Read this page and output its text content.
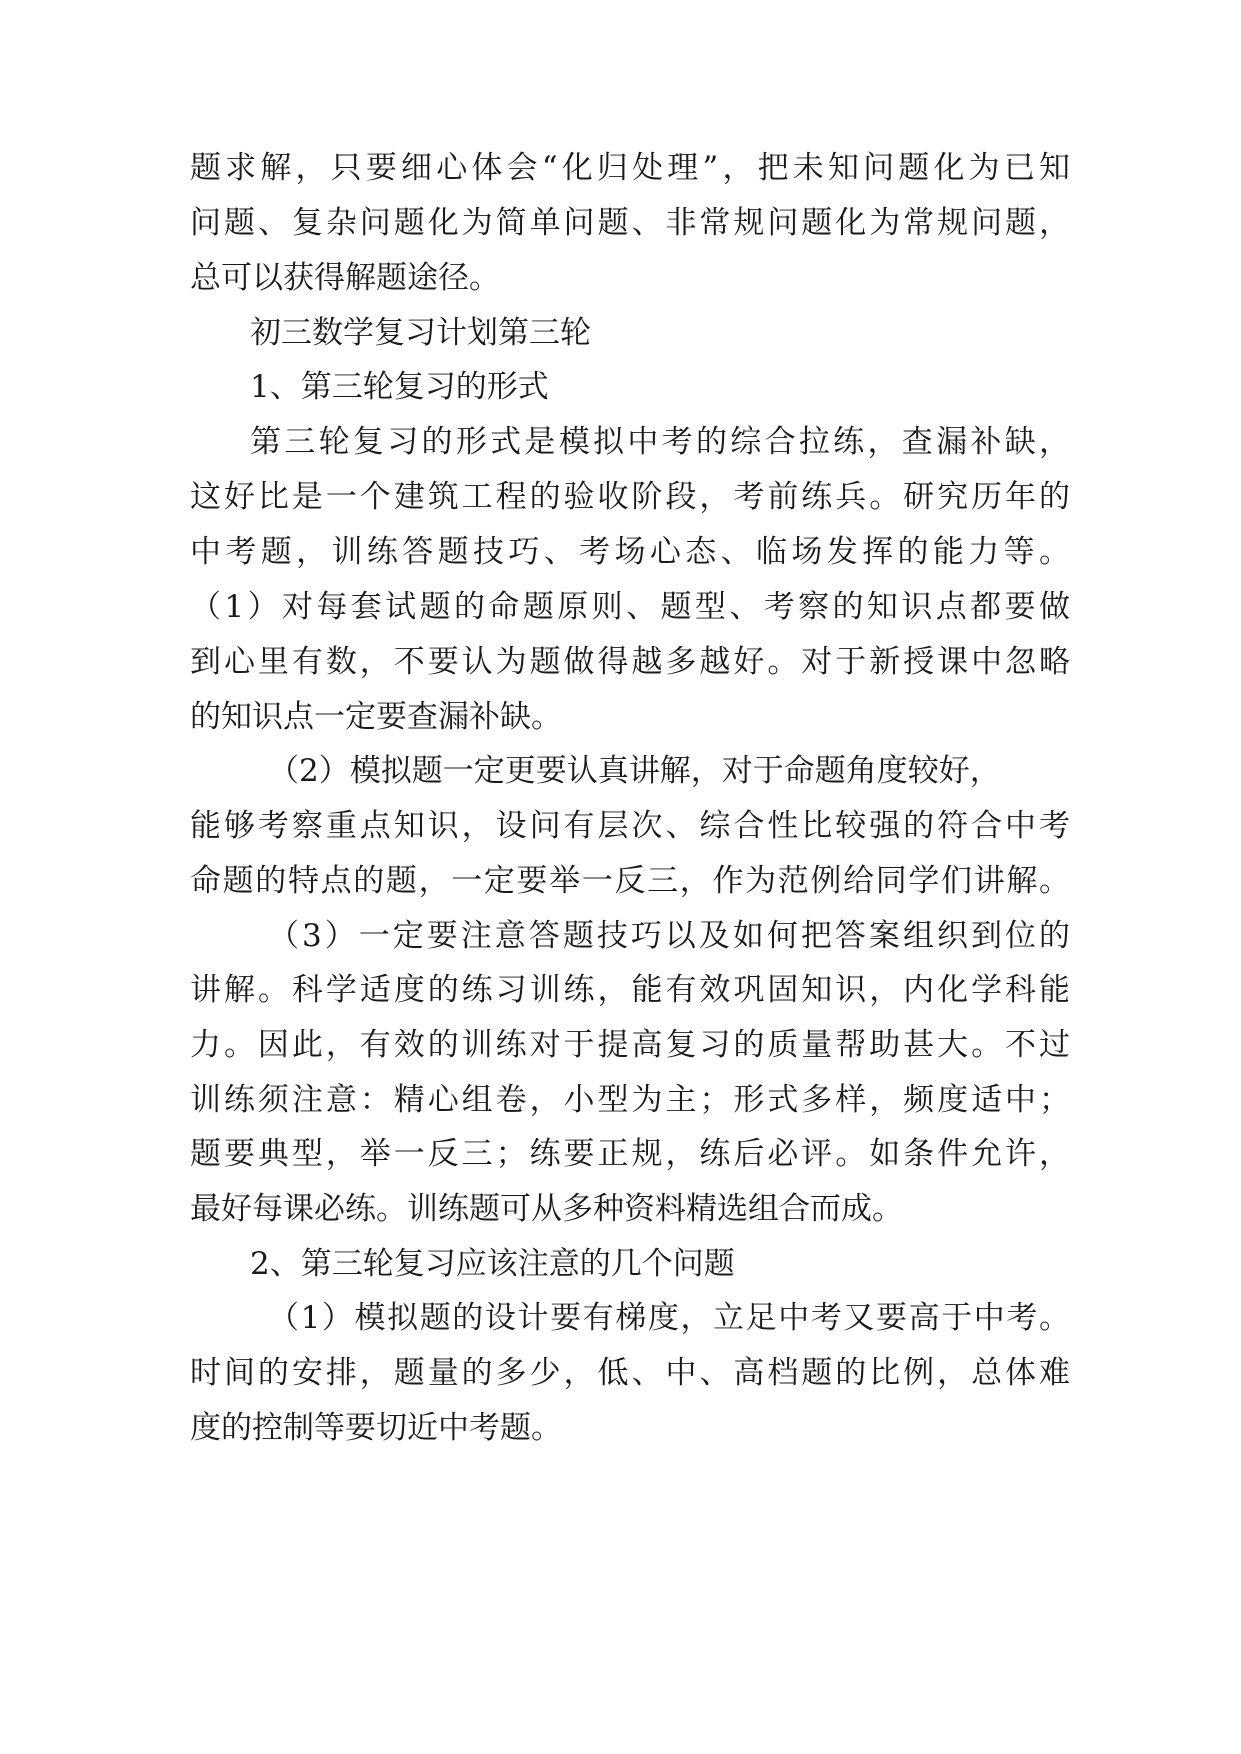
题求解，只要细心体会“化归处理”，把未知问题化为已知
问题、复杂问题化为简单问题、非常规问题化为常规问题，
总可以获得解题途径。
初三数学复习计划第三轮
1、第三轮复习的形式
第三轮复习的形式是模拟中考的综合拉练，查漏补缺，
这好比是一个建筑工程的验收阶段，考前练兵。研究历年的
中考题，训练答题技巧、考场心态、临场发挥的能力等。
（1）对每套试题的命题原则、题型、考察的知识点都要做
到心里有数，不要认为题做得越多越好。对于新授课中忽略
的知识点一定要查漏补缺。
（2）模拟题一定更要认真讲解，对于命题角度较好，
能够考察重点知识，设问有层次、综合性比较强的符合中考
命题的特点的题，一定要举一反三，作为范例给同学们讲解。
（3）一定要注意答题技巧以及如何把答案组织到位的
讲解。科学适度的练习训练，能有效巩固知识，内化学科能
力。因此，有效的训练对于提高复习的质量帮助甚大。不过
训练须注意：精心组卷，小型为主；形式多样，频度适中；
题要典型，举一反三；练要正规，练后必评。如条件允许，
最好每课必练。训练题可从多种资料精选组合而成。
2、第三轮复习应该注意的几个问题
（1）模拟题的设计要有梯度，立足中考又要高于中考。
时间的安排，题量的多少，低、中、高档题的比例，总体难
度的控制等要切近中考题。
